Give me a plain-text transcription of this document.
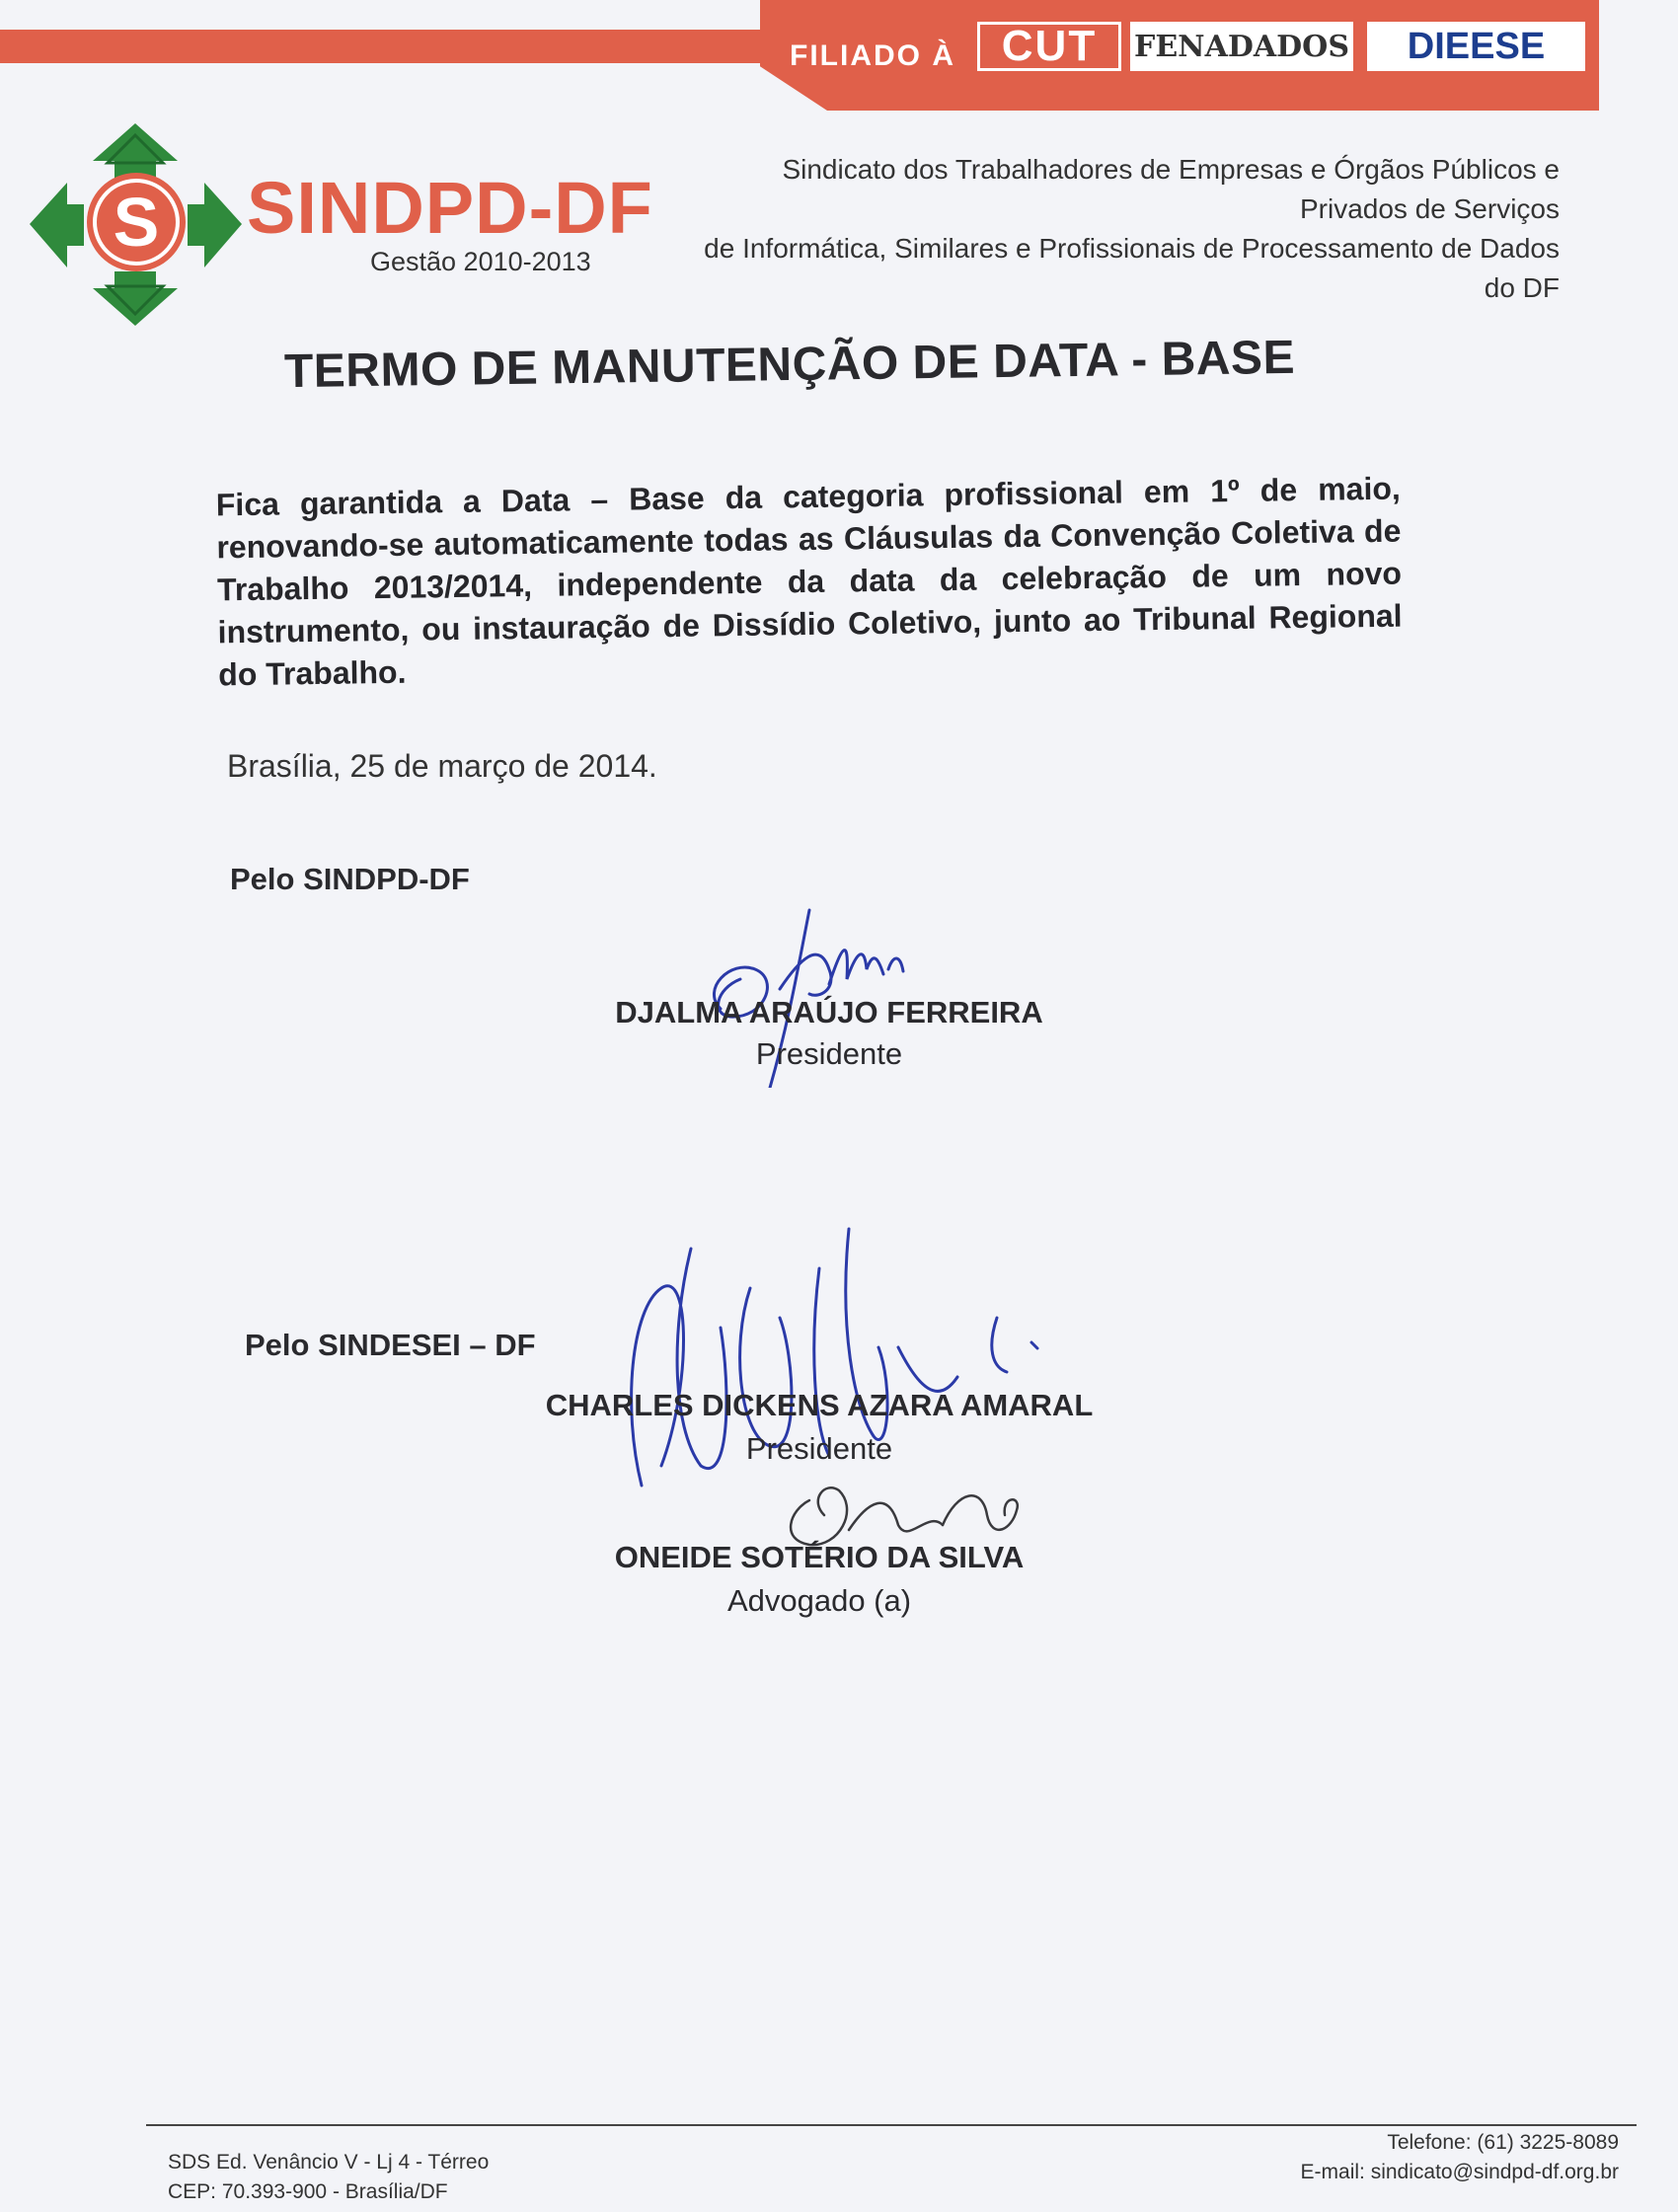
FILIADO À	CUT	FENADADOS	DIEESE
S SINDPD-DF
Gestão 2010-2013
Sindicato dos Trabalhadores de Empresas e Órgãos Públicos e Privados de Serviços
de Informática, Similares e Profissionais de Processamento de Dados do DF
TERMO DE MANUTENÇÃO DE DATA - BASE
Fica garantida a Data – Base da categoria profissional em 1º de maio, renovando-se automaticamente todas as Cláusulas da Convenção Coletiva de Trabalho 2013/2014, independente da data da celebração de um novo instrumento, ou instauração de Dissídio Coletivo, junto ao Tribunal Regional do Trabalho.
Brasília, 25 de março de 2014.
Pelo SINDPD-DF
DJALMA ARAÚJO FERREIRA
Presidente
Pelo SINDESEI – DF
CHARLES DICKENS AZARA AMARAL
Presidente
ONEIDE SOTÉRIO DA SILVA
Advogado (a)
SDS Ed. Venâncio V - Lj 4 - Térreo
CEP: 70.393-900 - Brasília/DF
Telefone: (61) 3225-8089
E-mail: sindicato@sindpd-df.org.br
